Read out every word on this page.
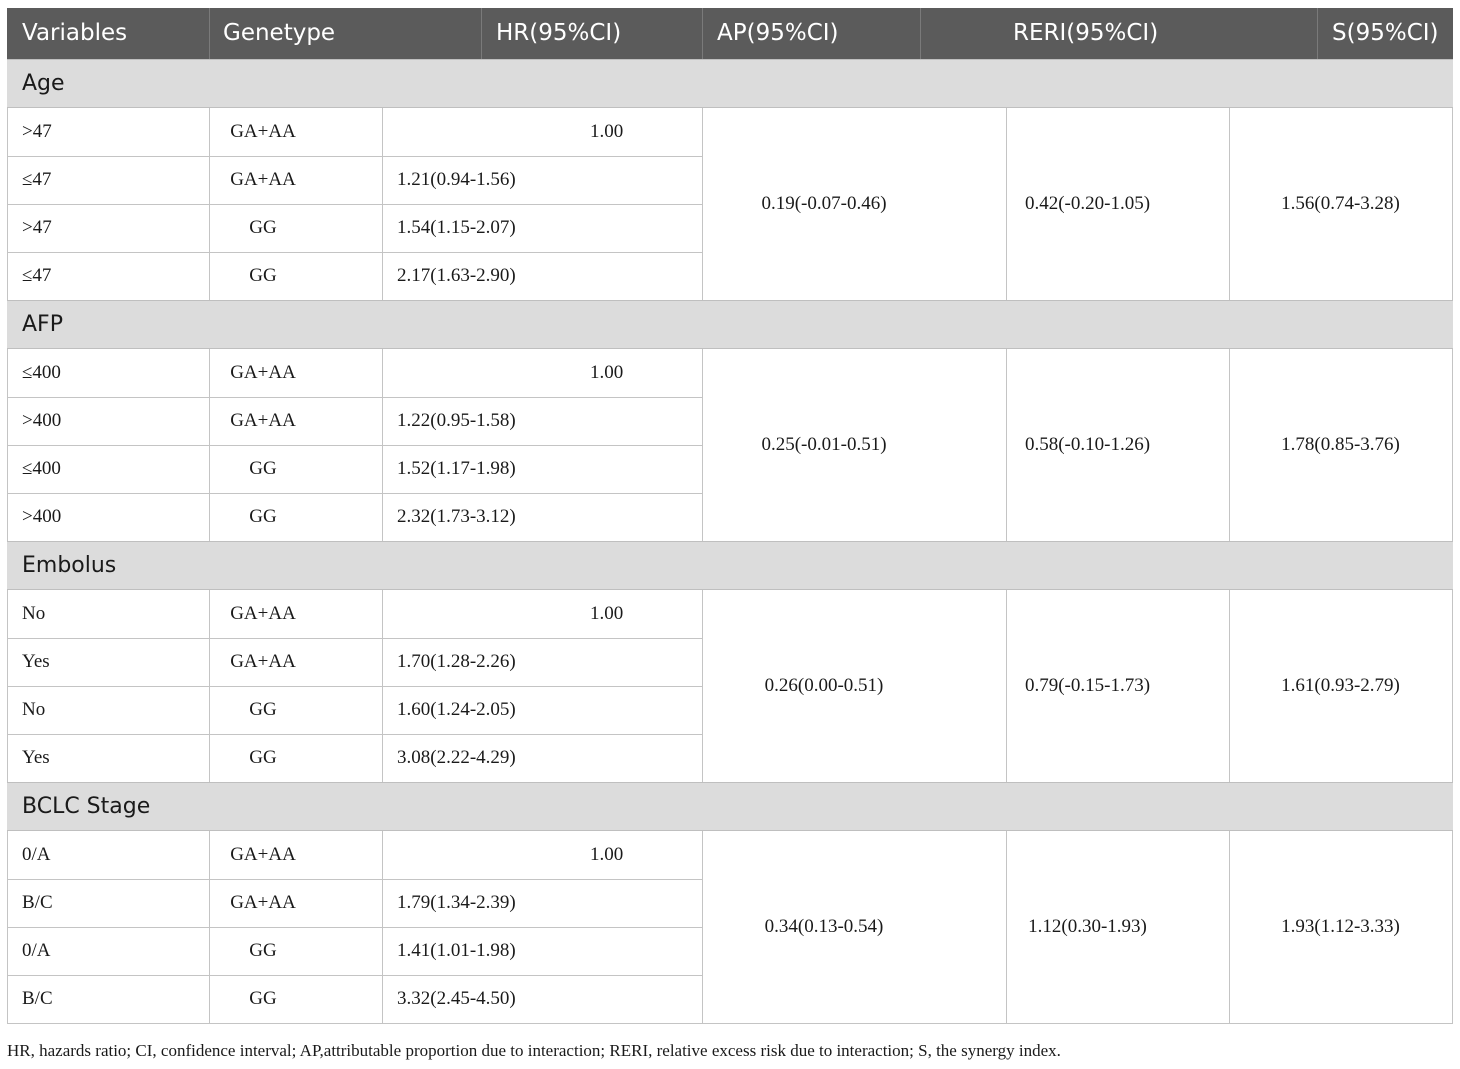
Variables	Genetype	HR(95%CI)	AP(95%CI)	RERI(95%CI)	S(95%CI)
Age
>47	GA+AA	1.00
≤47	GA+AA	1.21(0.94-1.56)
>47	GG	1.54(1.15-2.07)
≤47	GG	2.17(1.63-2.90)
0.19(-0.07-0.46)	0.42(-0.20-1.05)	1.56(0.74-3.28)
AFP
≤400	GA+AA	1.00
>400	GA+AA	1.22(0.95-1.58)
≤400	GG	1.52(1.17-1.98)
>400	GG	2.32(1.73-3.12)
0.25(-0.01-0.51)	0.58(-0.10-1.26)	1.78(0.85-3.76)
Embolus
No	GA+AA	1.00
Yes	GA+AA	1.70(1.28-2.26)
No	GG	1.60(1.24-2.05)
Yes	GG	3.08(2.22-4.29)
0.26(0.00-0.51)	0.79(-0.15-1.73)	1.61(0.93-2.79)
BCLC Stage
0/A	GA+AA	1.00
B/C	GA+AA	1.79(1.34-2.39)
0/A	GG	1.41(1.01-1.98)
B/C	GG	3.32(2.45-4.50)
0.34(0.13-0.54)	1.12(0.30-1.93)	1.93(1.12-3.33)
HR, hazards ratio; CI, confidence interval; AP,attributable proportion due to interaction; RERI, relative excess risk due to interaction; S, the synergy index.
